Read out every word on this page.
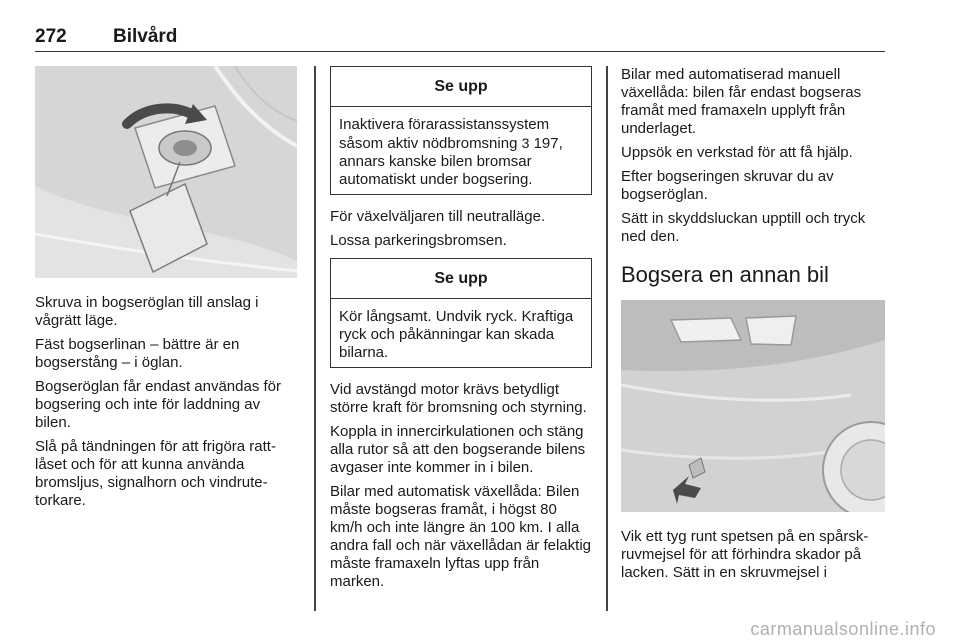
272 Bilvård

Skruva in bogseröglan till anslag i vågrätt läge.

Fäst bogserlinan – bättre är en bogserstång – i öglan.

Bogseröglan får endast användas för bogsering och inte för laddning av bilen.

Slå på tändningen för att frigöra rattlåset och för att kunna använda bromsljus, signalhorn och vindrutetorkare.

Se upp

Inaktivera förarassistanssystem såsom aktiv nödbromsning 3 197, annars kanske bilen bromsar automatiskt under bogsering.

För växelväljaren till neutralläge.

Lossa parkeringsbromsen.

Se upp

Kör långsamt. Undvik ryck. Kraftiga ryck och påkänningar kan skada bilarna.

Vid avstängd motor krävs betydligt större kraft för bromsning och styrning.

Koppla in innercirkulationen och stäng alla rutor så att den bogserande bilens avgaser inte kommer in i bilen.

Bilar med automatisk växellåda: Bilen måste bogseras framåt, i högst 80 km/h och inte längre än 100 km. I alla andra fall och när växellådan är felaktig måste framaxeln lyftas upp från marken.

Bilar med automatiserad manuell växellåda: bilen får endast bogseras framåt med framaxeln upplyft från underlaget.

Uppsök en verkstad för att få hjälp.

Efter bogseringen skruvar du av bogseröglan.

Sätt in skyddsluckan upptill och tryck ned den.

Bogsera en annan bil

Vik ett tyg runt spetsen på en spårskruvmejsel för att förhindra skador på lacken. Sätt in en skruvmejsel i

carmanualsonline.info
